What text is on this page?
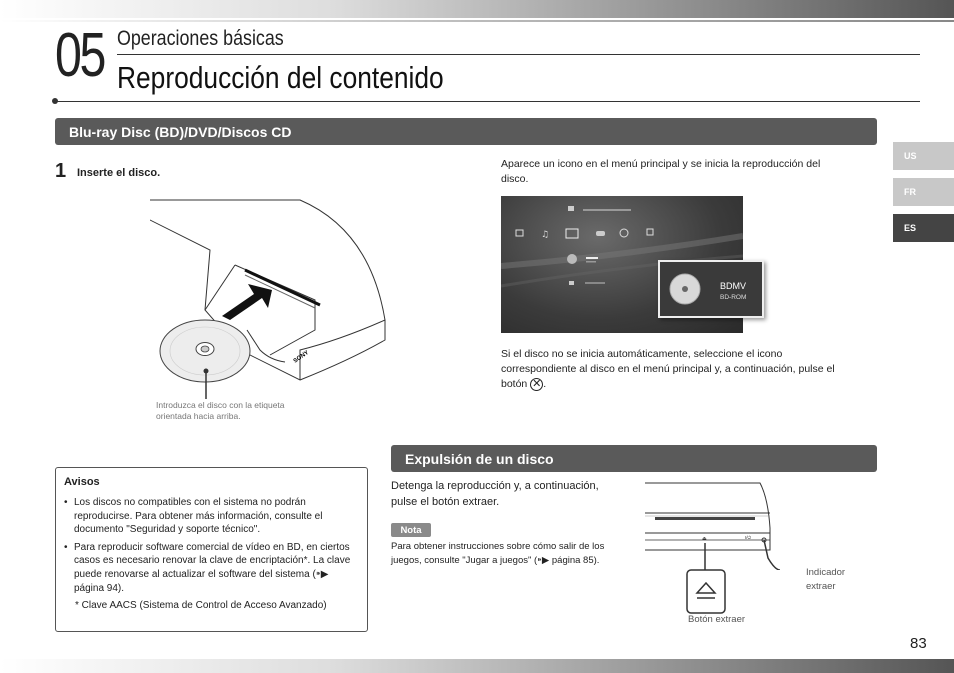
05 Operaciones básicas
Reproducción del contenido
US
FR
ES
Blu-ray Disc (BD)/DVD/Discos CD
1 Inserte el disco.
SONY
Introduzca el disco con la etiqueta
orientada hacia arriba.
Aparece un icono en el menú principal y se inicia la reproducción del
disco.
♫
BDMV
BD-ROM
Si el disco no se inicia automáticamente, seleccione el icono
correspondiente al disco en el menú principal y, a continuación, pulse el
botón ✕ .
Avisos
• Los discos no compatibles con el sistema no podrán reproducirse. Para obtener más información, consulte el documento "Seguridad y soporte técnico".
• Para reproducir software comercial de vídeo en BD, en ciertos casos es necesario renovar la clave de encriptación*. La clave puede renovarse al actualizar el software del sistema (⁍▶ página 94).
* Clave AACS (Sistema de Control de Acceso Avanzado)
Expulsión de un disco
Detenga la reproducción y, a continuación, pulse el botón extraer.
Nota
Para obtener instrucciones sobre cómo salir de los juegos, consulte "Jugar a juegos" (⁍▶ página 85).
⏏	I/⏻
Indicador
extraer
Botón extraer
83
